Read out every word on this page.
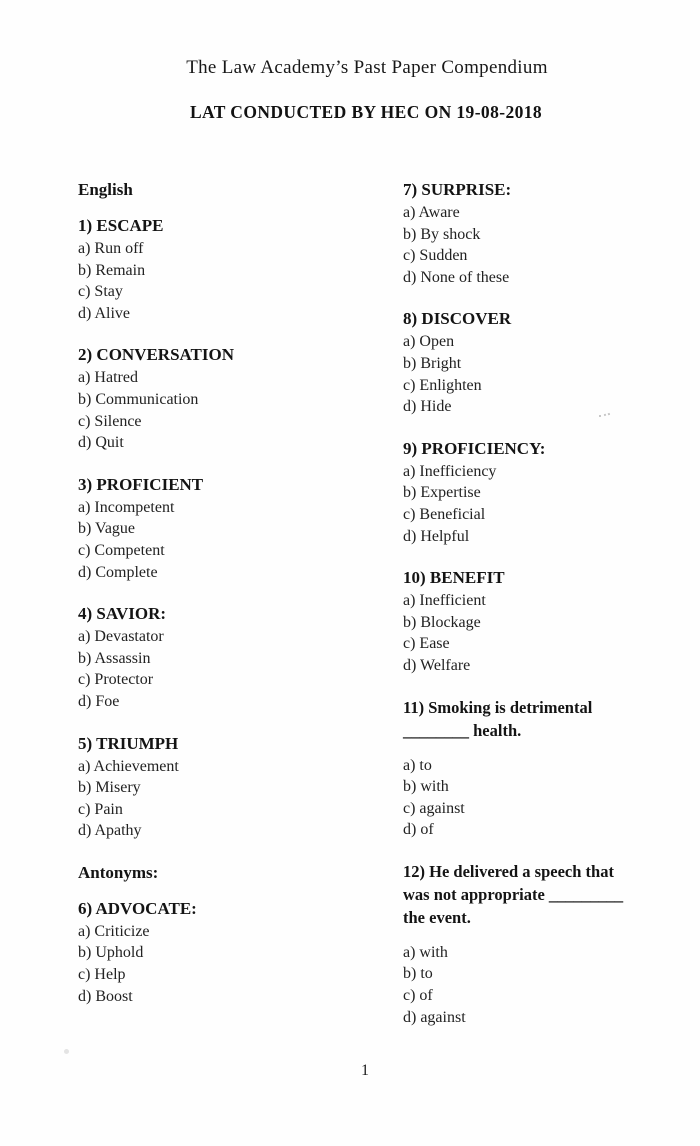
The Law Academy’s Past Paper Compendium
LAT CONDUCTED BY HEC ON 19-08-2018
English
1) ESCAPE
a) Run off
b) Remain
c) Stay
d) Alive
2) CONVERSATION
a) Hatred
b) Communication
c) Silence
d) Quit
3) PROFICIENT
a) Incompetent
b) Vague
c) Competent
d) Complete
4) SAVIOR:
a) Devastator
b) Assassin
c) Protector
d) Foe
5) TRIUMPH
a) Achievement
b) Misery
c) Pain
d) Apathy
Antonyms:
6) ADVOCATE:
a) Criticize
b) Uphold
c) Help
d) Boost
7) SURPRISE:
a) Aware
b) By shock
c) Sudden
d) None of these
8) DISCOVER
a) Open
b) Bright
c) Enlighten
d) Hide
9) PROFICIENCY:
a) Inefficiency
b) Expertise
c) Beneficial
d) Helpful
10) BENEFIT
a) Inefficient
b) Blockage
c) Ease
d) Welfare
11) Smoking is detrimental
________ health.
a) to
b) with
c) against
d) of
12) He delivered a speech that
was not appropriate _________
the event.
a) with
b) to
c) of
d) against
1
